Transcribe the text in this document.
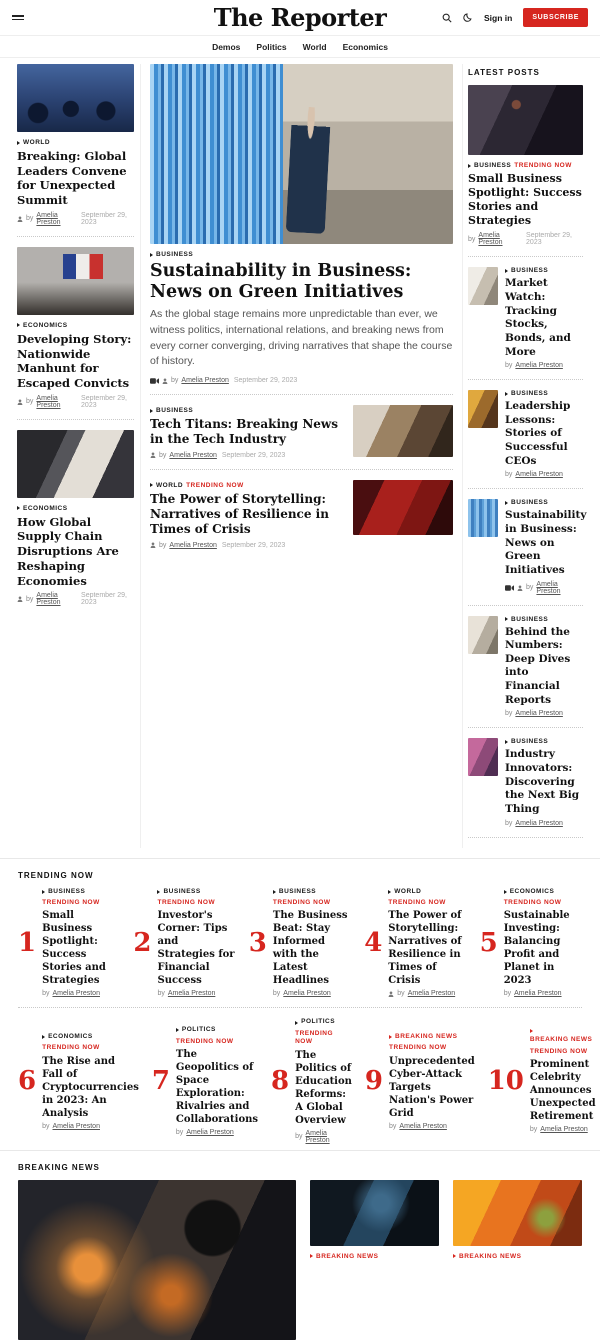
The Reporter	Sign in	SUBSCRIBE
Demos Politics World Economics
WORLD
Breaking: Global Leaders Convene for Unexpected Summit
by Amelia Preston
September 29, 2023
ECONOMICS
Developing Story: Nationwide Manhunt for Escaped Convicts
by Amelia Preston
September 29, 2023
ECONOMICS
How Global Supply Chain Disruptions Are Reshaping Economies
by Amelia Preston
September 29, 2023
BUSINESS
Sustainability in Business: News on Green Initiatives

As the global stage remains more unpredictable than ever, we witness politics, international relations, and breaking news from every corner converging, driving narratives that shape the course of history.

by Amelia Preston September 29, 2023
BUSINESS
Tech Titans: Breaking News in the Tech Industry
by Amelia Preston September 29, 2023
WORLD TRENDING NOW
The Power of Storytelling: Narratives of Resilience in Times of Crisis
by Amelia Preston September 29, 2023
LATEST POSTS
BUSINESS TRENDING NOW
Small Business Spotlight: Success Stories and Strategies
by Amelia Preston
September 29, 2023
BUSINESS
Market Watch: Tracking Stocks, Bonds, and More
by Amelia Preston
BUSINESS
Leadership Lessons: Stories of Successful CEOs
by Amelia Preston
BUSINESS
Sustainability in Business: News on Green Initiatives
by Amelia Preston
BUSINESS
Behind the Numbers: Deep Dives into Financial Reports
by Amelia Preston
BUSINESS
Industry Innovators: Discovering the Next Big Thing
by Amelia Preston
TRENDING NOW
1
BUSINESS
TRENDING NOW
Small Business Spotlight: Success Stories and Strategies
by Amelia Preston
2
BUSINESS
TRENDING NOW
Investor's Corner: Tips and Strategies for Financial Success
by Amelia Preston
3
BUSINESS
TRENDING NOW
The Business Beat: Stay Informed with the Latest Headlines
by Amelia Preston
4
WORLD
TRENDING NOW
The Power of Storytelling: Narratives of Resilience in Times of Crisis
by Amelia Preston
5
ECONOMICS
TRENDING NOW
Sustainable Investing: Balancing Profit and Planet in 2023
by Amelia Preston
6
ECONOMICS
TRENDING NOW
The Rise and Fall of Cryptocurrencies in 2023: An Analysis
by Amelia Preston
7
POLITICS
TRENDING NOW
The Geopolitics of Space Exploration: Rivalries and Collaborations
by Amelia Preston
8
POLITICS
TRENDING NOW
The Politics of Education Reforms: A Global Overview
by Amelia Preston
9
BREAKING NEWS
TRENDING NOW
Unprecedented Cyber-Attack Targets Nation's Power Grid
by Amelia Preston
10
BREAKING NEWS
TRENDING NOW
Prominent Celebrity Announces Unexpected Retirement
by Amelia Preston
BREAKING NEWS
BREAKING NEWS	BREAKING NEWS
